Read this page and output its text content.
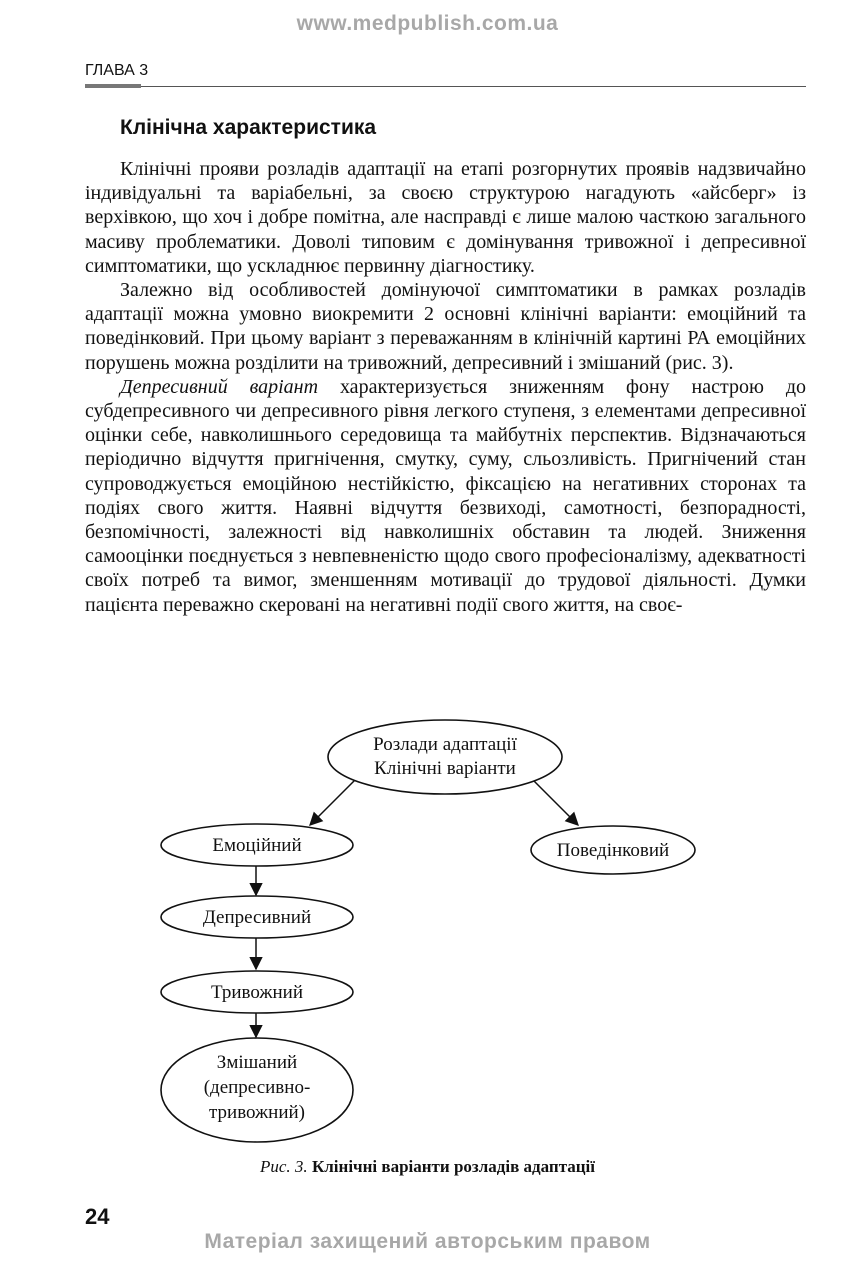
www.medpublish.com.ua
ГЛАВА 3
Клінічна характеристика

Клінічні прояви розладів адаптації на етапі розгорнутих проявів надзвичайно індивідуальні та варіабельні, за своєю структурою нагадують «айсберг» із верхівкою, що хоч і добре помітна, але насправді є лише малою часткою загального масиву проблематики. Доволі типовим є домінування тривожної і депресивної симптоматики, що ускладнює первинну діагностику.

Залежно від особливостей домінуючої симптоматики в рамках розладів адаптації можна умовно виокремити 2 основні клінічні варіанти: емоційний та поведінковий. При цьому варіант з переважанням в клінічній картині РА емоційних порушень можна розділити на тривожний, депресивний і змішаний (рис. 3).

Депресивний варіант характеризується зниженням фону настрою до субдепресивного чи депресивного рівня легкого ступеня, з елементами депресивної оцінки себе, навколишнього середовища та майбутніх перспектив. Відзначаються періодично відчуття пригнічення, смутку, суму, сльозливість. Пригнічений стан супроводжується емоційною нестійкістю, фіксацією на негативних сторонах та подіях свого життя. Наявні відчуття безвиході, самотності, безпорадності, безпомічності, залежності від навколишніх обставин та людей. Зниження самооцінки поєднується з невпевненістю щодо свого професіоналізму, адекватності своїх потреб та вимог, зменшенням мотивації до трудової діяльності. Думки пацієнта переважно скеровані на негативні події свого життя, на своє-

Розлади адаптації
Клінічні варіанти
Емоційний	Поведінковий
Депресивний
Тривожний
Змішаний
(депресивно-
тривожний)
Рис. 3. Клінічні варіанти розладів адаптації
24
Матеріал захищений авторським правом
